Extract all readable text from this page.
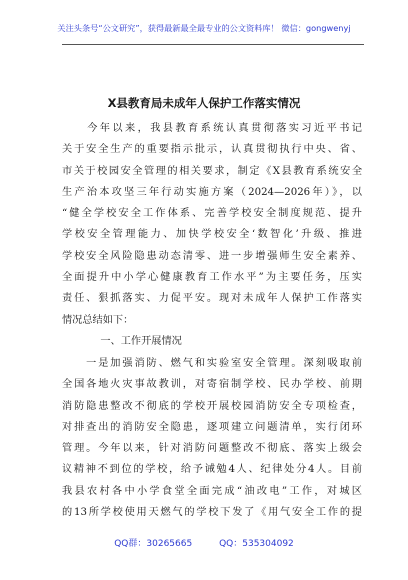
关注头条号“公文研究”，获得最新最全最专业的公文资料库！ 微信：gongwenyj
X县教育局未成年人保护工作落实情况
　　今年以来，我县教育系统认真贯彻落实习近平书记
关于安全生产的重要指示批示，认真贯彻执行中央、省、
市关于校园安全管理的相关要求，制定《X县教育系统安全
生产治本攻坚三年行动实施方案（2024—2026年）》，以
“健全学校安全工作体系、完善学校安全制度规范、提升
学校安全管理能力、加快学校安全‘数智化’升级、推进
学校安全风险隐患动态清零、进一步增强师生安全素养、
全面提升中小学心健康教育工作水平”为主要任务，压实
责任、狠抓落实、力促平安。现对未成年人保护工作落实
情况总结如下：
　　一、工作开展情况
　　一是加强消防、燃气和实验室安全管理。深刻吸取前
全国各地火灾事故教训，对寄宿制学校、民办学校、前期
消防隐患整改不彻底的学校开展校园消防安全专项检查，
对排查出的消防安全隐患，逐项建立问题清单，实行闭环
管理。今年以来，针对消防问题整改不彻底、落实上级会
议精神不到位的学校，给予诫勉4人、纪律处分4人。目前
我县农村各中小学食堂全面完成“油改电”工作，对城区
的13所学校使用天燃气的学校下发了《用气安全工作的提
QQ群：30265665	QQ：535304092
